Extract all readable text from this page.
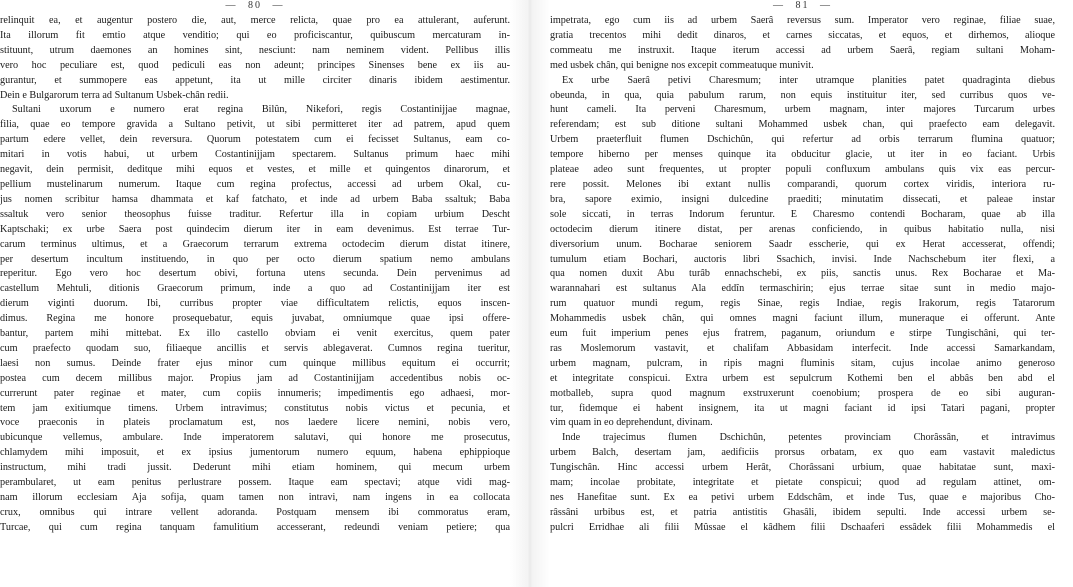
— 80 —
relinquit ea, et augentur postero die, aut, merce relicta, quae pro ea attulerant, auferunt.
Ita illorum fit emtio atque venditio; qui eo proficiscantur, quibuscum mercaturam in-
stituunt, utrum daemones an homines sint, nesciunt: nam neminem vident. Pellibus illis
vero hoc peculiare est, quod pediculi eas non adeunt; principes Sinenses bene ex iis au-
gurantur, et summopere eas appetunt, ita ut mille circiter dinaris ibidem aestimentur.
Dein e Bulgarorum terra ad Sultanum Usbek-chân redii.
Sultani uxorum e numero erat regina Bilûn, Nikefori, regis Costantinijjae magnae,
filia, quae eo tempore gravida a Sultano petivit, ut sibi permitteret iter ad patrem, apud quem
partum edere vellet, dein reversura. Quorum potestatem cum ei fecisset Sultanus, eam co-
mitari in votis habui, ut urbem Costantinijjam spectarem. Sultanus primum haec mihi
negavit, dein permisit, deditque mihi equos et vestes, et mille et quingentos dinarorum, et
pellium mustelinarum numerum. Itaque cum regina profectus, accessi ad urbem Okal, cu-
jus nomen scribitur hamsa dhammata et kaf fatchato, et inde ad urbem Baba ssaltuk; Baba
ssaltuk vero senior theosophus fuisse traditur. Refertur illa in copiam urbium Descht
Kaptschaki; ex urbe Saera post quindecim dierum iter in eam devenimus. Est terrae Tur-
carum terminus ultimus, et a Graecorum terrarum extrema octodecim dierum distat itinere,
per desertum incultum instituendo, in quo per octo dierum spatium nemo ambulans
reperitur. Ego vero hoc desertum obivi, fortuna utens secunda. Dein pervenimus ad
castellum Mehtuli, ditionis Graecorum primum, inde a quo ad Costantinijjam iter est
dierum viginti duorum. Ibi, curribus propter viae difficultatem relictis, equos inscen-
dimus. Regina me honore prosequebatur, equis juvabat, omniumque quae ipsi offere-
bantur, partem mihi mittebat. Ex illo castello obviam ei venit exercitus, quem pater
cum praefecto quodam suo, filiaeque ancillis et servis ablegaverat. Cumnos regina tueritur,
laesi non sumus. Deinde frater ejus minor cum quinque millibus equitum ei occurrit;
postea cum decem millibus major. Propius jam ad Costantinijjam accedentibus nobis oc-
currerunt pater reginae et mater, cum copiis innumeris; impedimentis ego adhaesi, mor-
tem jam exitiumque timens. Urbem intravimus; constitutus nobis victus et pecunia, et
voce praeconis in plateis proclamatum est, nos laedere licere nemini, nobis vero,
ubicunque vellemus, ambulare. Inde imperatorem salutavi, qui honore me prosecutus,
chlamydem mihi imposuit, et ex ipsius jumentorum numero equum, habena ephippioque
instructum, mihi tradi jussit. Dederunt mihi etiam hominem, qui mecum urbem
perambularet, ut eam penitus perlustrare possem. Itaque eam spectavi; atque vidi mag-
nam illorum ecclesiam Aja sofija, quam tamen non intravi, nam ingens in ea collocata
crux, omnibus qui intrare vellent adoranda. Postquam mensem ibi commoratus eram,
Turcae, qui cum regina tanquam famulitium accesserant, redeundi veniam petiere; qua
— 81 —
impetrata, ego cum iis ad urbem Saerâ reversus sum. Imperator vero reginae, filiae suae,
gratia trecentos mihi dedit dinaros, et carnes siccatas, et equos, et dirhemos, alioque
commeatu me instruxit. Itaque iterum accessi ad urbem Saerâ, regiam sultani Moham-
med usbek chân, qui benigne nos excepit commeatuque munivit.
Ex urbe Saerâ petivi Charesmum; inter utramque planities patet quadraginta diebus
obeunda, in qua, quia pabulum rarum, non equis instituitur iter, sed curribus quos ve-
hunt cameli. Ita perveni Charesmum, urbem magnam, inter majores Turcarum urbes
referendam; est sub ditione sultani Mohammed usbek chan, qui praefecto eam delegavit.
Urbem praeterfluit flumen Dschichûn, qui refertur ad orbis terrarum flumina quatuor;
tempore hiberno per menses quinque ita obducitur glacie, ut iter in eo faciant. Urbis
plateae adeo sunt frequentes, ut propter populi confluxum ambulans quis vix eas percur-
rere possit. Melones ibi extant nullis comparandi, quorum cortex viridis, interiora ru-
bra, sapore eximio, insigni dulcedine praediti; minutatim dissecati, et paleae instar
sole siccati, in terras Indorum feruntur. E Charesmo contendi Bocharam, quae ab illa
octodecim dierum itinere distat, per arenas conficiendo, in quibus habitatio nulla, nisi
diversorium unum. Bocharae seniorem Saadr esscherie, qui ex Herat accesserat, offendi;
tumulum etiam Bochari, auctoris libri Ssachich, invisi. Inde Nachschebum iter flexi, a
qua nomen duxit Abu turâb ennachschebi, ex piis, sanctis unus. Rex Bocharae et Ma-
warannahari est sultanus Ala eddîn termaschirin; ejus terrae sitae sunt in medio majo-
rum quatuor mundi regum, regis Sinae, regis Indiae, regis Irakorum, regis Tatarorum
Mohammedis usbek chân, qui omnes magni faciunt illum, muneraque ei offerunt. Ante
eum fuit imperium penes ejus fratrem, paganum, oriundum e stirpe Tungischâni, qui ter-
ras Moslemorum vastavit, et chalifam Abbasidam interfecit. Inde accessi Samarkandam,
urbem magnam, pulcram, in ripis magni fluminis sitam, cujus incolae animo generoso
et integritate conspicui. Extra urbem est sepulcrum Kothemi ben el abbâs ben abd el
motballeb, supra quod magnum exstruxerunt coenobium; prospera de eo sibi auguran-
tur, fidemque ei habent insignem, ita ut magni faciant id ipsi Tatari pagani, propter
vim quam in eo deprehendunt, divinam.
Inde trajecimus flumen Dschichûn, petentes provinciam Chorâssân, et intravimus
urbem Balch, desertam jam, aedificiis prorsus orbatam, ex quo eam vastavit maledictus
Tungischân. Hinc accessi urbem Herât, Chorâssani urbium, quae habitatae sunt, maxi-
mam; incolae probitate, integritate et pietate conspicui; quod ad regulam attinet, om-
nes Hanefitae sunt. Ex ea petivi urbem Eddschâm, et inde Tus, quae e majoribus Cho-
râssâni urbibus est, et patria antistitis Ghasâli, ibidem sepulti. Inde accessi urbem se-
pulcri Erridhae ali filii Mûssae el kâdhem filii Dschaaferi essâdek filii Mohammedis el
